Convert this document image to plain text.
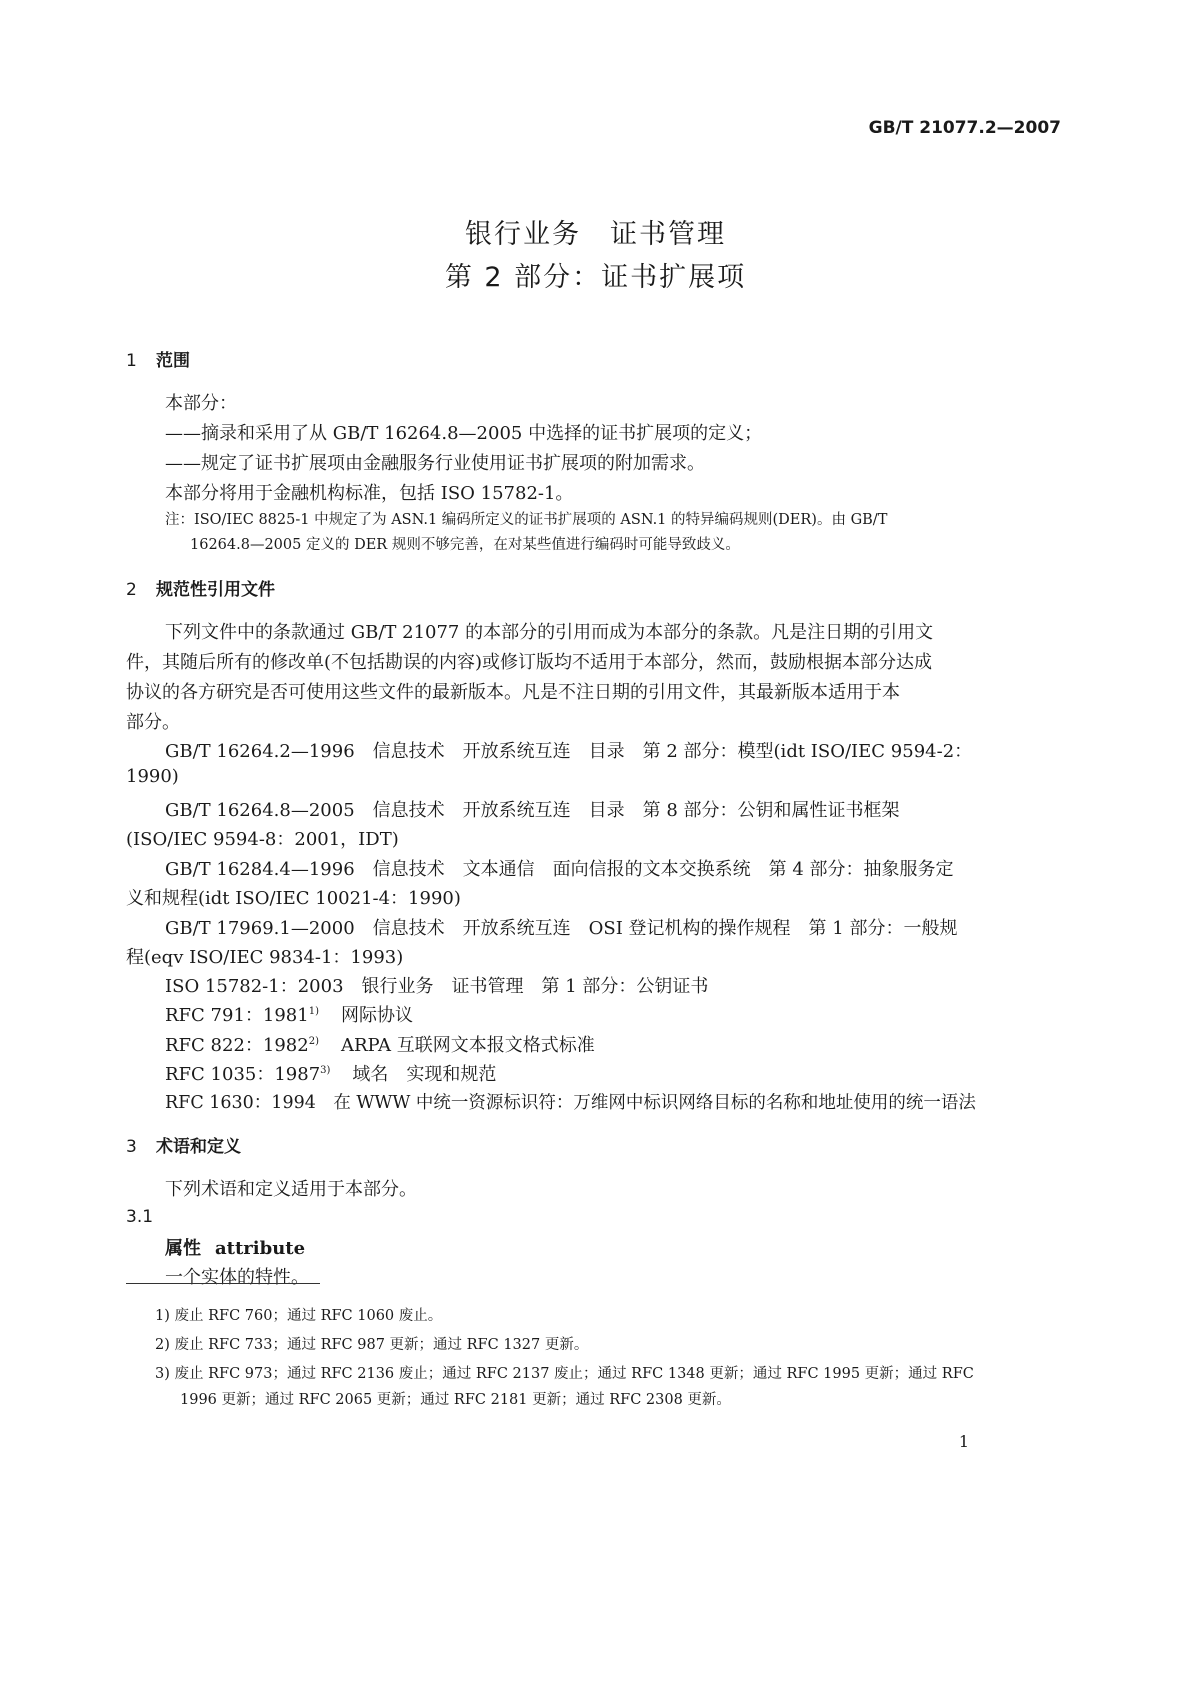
GB/T 21077.2—2007
银行业务　证书管理
第 2 部分：证书扩展项
1 范围
本部分：
——摘录和采用了从 GB/T 16264.8—2005 中选择的证书扩展项的定义；
——规定了证书扩展项由金融服务行业使用证书扩展项的附加需求。
本部分将用于金融机构标准，包括 ISO 15782-1。
注：ISO/IEC 8825-1 中规定了为 ASN.1 编码所定义的证书扩展项的 ASN.1 的特异编码规则(DER)。由 GB/T
16264.8—2005 定义的 DER 规则不够完善，在对某些值进行编码时可能导致歧义。
2 规范性引用文件
下列文件中的条款通过 GB/T 21077 的本部分的引用而成为本部分的条款。凡是注日期的引用文
件，其随后所有的修改单(不包括勘误的内容)或修订版均不适用于本部分，然而，鼓励根据本部分达成
协议的各方研究是否可使用这些文件的最新版本。凡是不注日期的引用文件，其最新版本适用于本
部分。
GB/T 16264.2—1996　信息技术　开放系统互连　目录　第 2 部分：模型(idt ISO/IEC 9594-2：
1990)
GB/T 16264.8—2005　信息技术　开放系统互连　目录　第 8 部分：公钥和属性证书框架
(ISO/IEC 9594-8：2001，IDT)
GB/T 16284.4—1996　信息技术　文本通信　面向信报的文本交换系统　第 4 部分：抽象服务定
义和规程(idt ISO/IEC 10021-4：1990)
GB/T 17969.1—2000　信息技术　开放系统互连　OSI 登记机构的操作规程　第 1 部分：一般规
程(eqv ISO/IEC 9834-1：1993)
ISO 15782-1：2003　银行业务　证书管理　第 1 部分：公钥证书
RFC 791：1981$^{1)}$ 网际协议
RFC 822：1982$^{2)}$ ARPA 互联网文本报文格式标准
RFC 1035：1987$^{3)}$ 域名　实现和规范
RFC 1630：1994　在 WWW 中统一资源标识符：万维网中标识网络目标的名称和地址使用的统一语法
3 术语和定义
下列术语和定义适用于本部分。
3.1
属性 attribute
一个实体的特性。
1) 废止 RFC 760；通过 RFC 1060 废止。
2) 废止 RFC 733；通过 RFC 987 更新；通过 RFC 1327 更新。
3) 废止 RFC 973；通过 RFC 2136 废止；通过 RFC 2137 废止；通过 RFC 1348 更新；通过 RFC 1995 更新；通过 RFC
1996 更新；通过 RFC 2065 更新；通过 RFC 2181 更新；通过 RFC 2308 更新。
1
